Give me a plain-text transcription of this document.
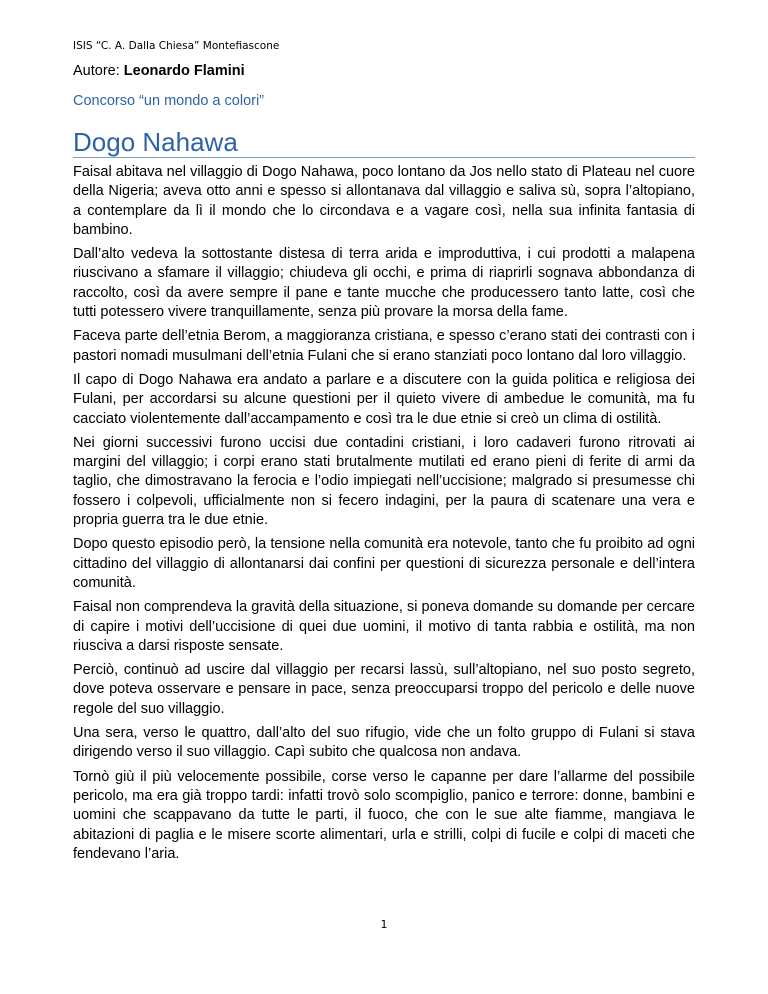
ISIS “C. A. Dalla Chiesa” Montefiascone
Autore: Leonardo Flamini
Concorso “un mondo a colori”
Dogo Nahawa

Faisal abitava nel villaggio di Dogo Nahawa, poco lontano da Jos nello stato di Plateau nel cuore della Nigeria; aveva otto anni e spesso si allontanava dal villaggio e saliva sù, sopra l’altopiano, a contemplare da lì il mondo che lo circondava e a vagare così, nella sua infinita fantasia di bambino.

Dall’alto vedeva la sottostante distesa di terra arida e improduttiva, i cui prodotti a malapena riuscivano a sfamare il villaggio; chiudeva gli occhi, e prima di riaprirli sognava abbondanza di raccolto, così da avere sempre il pane e tante mucche che producessero tanto latte, così che tutti potessero vivere tranquillamente, senza più provare la morsa della fame.

Faceva parte dell’etnia Berom, a maggioranza cristiana, e spesso c’erano stati dei contrasti con i pastori nomadi musulmani dell’etnia Fulani che si erano stanziati poco lontano dal loro villaggio.

Il capo di Dogo Nahawa era andato a parlare e a discutere con la guida politica e religiosa dei Fulani, per accordarsi su alcune questioni per il quieto vivere di ambedue le comunità, ma fu cacciato violentemente dall’accampamento e così tra le due etnie si creò un clima di ostilità.

Nei giorni successivi furono uccisi due contadini cristiani, i loro cadaveri furono ritrovati ai margini del villaggio; i corpi erano stati brutalmente mutilati ed erano pieni di ferite di armi da taglio, che dimostravano la ferocia e l’odio impiegati nell’uccisione; malgrado si presumesse chi fossero i colpevoli, ufficialmente non si fecero indagini, per la paura di scatenare una vera e propria guerra tra le due etnie.

Dopo questo episodio però, la tensione nella comunità era notevole, tanto che fu proibito ad ogni cittadino del villaggio di allontanarsi dai confini per questioni di sicurezza personale e dell’intera comunità.

Faisal non comprendeva la gravità della situazione, si poneva domande su domande per cercare di capire i motivi dell’uccisione di quei due uomini, il motivo di tanta rabbia e ostilità, ma non riusciva a darsi risposte sensate.

Perciò, continuò ad uscire dal villaggio per recarsi lassù, sull’altopiano, nel suo posto segreto, dove poteva osservare e pensare in pace, senza preoccuparsi troppo del pericolo e delle nuove regole del suo villaggio.

Una sera, verso le quattro, dall’alto del suo rifugio, vide che un folto gruppo di Fulani si stava dirigendo verso il suo villaggio. Capì subito che qualcosa non andava.

Tornò giù il più velocemente possibile, corse verso le capanne per dare l’allarme del possibile pericolo, ma era già troppo tardi: infatti trovò solo scompiglio, panico e terrore: donne, bambini e uomini che scappavano da tutte le parti, il fuoco, che con le sue alte fiamme, mangiava le abitazioni di paglia e le misere scorte alimentari, urla e strilli, colpi di fucile e colpi di maceti che fendevano l’aria.

1
